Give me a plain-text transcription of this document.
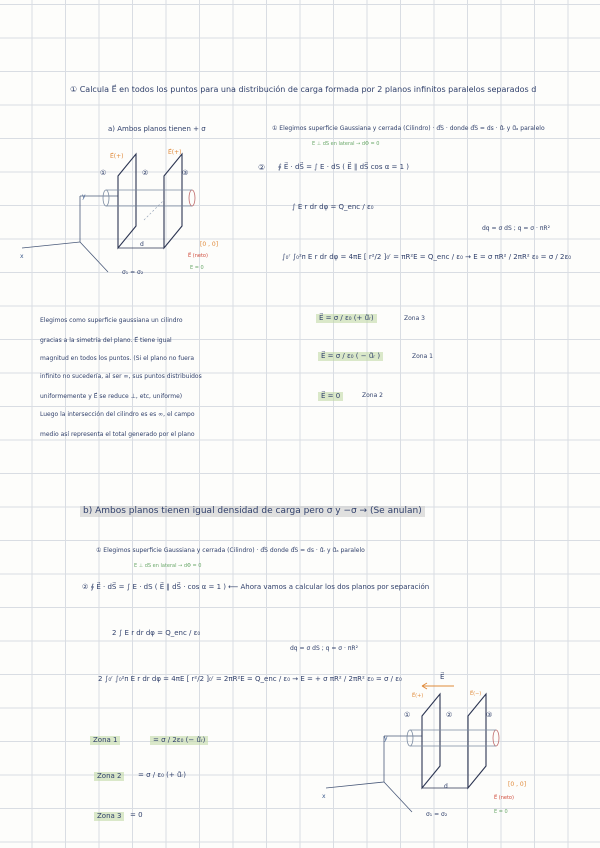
① Calcula E⃗ en todos los puntos para una distribución de carga formada por 2 planos infinitos paralelos separados d
a) Ambos planos tienen + σ	① Elegimos superficie Gaussiana y cerrada (Cilindro) · d⃗S · donde d⃗S = ds · û⃗ᵣ y û⃗ₐ paralelo
E ⊥ dS en lateral → dΦ = 0
② ∮ E⃗ · dS⃗ = ∫ E · dS ( E⃗ ∥ dS⃗ cos α = 1 )
∫ E r dr dφ = Q_enc / ε₀
∫₀ʳ ∫₀²ᴨ E r dr dφ = 4πE [ r²/2 ]₀ʳ = πR²E = Q_enc / ε₀ → E = σ πR² / 2πR² ε₀ = σ / 2ε₀
dq = σ dS ; q = σ · πR²
E⃗(+)
E⃗(+)
①	②	③
d
y
x
σ₁ = σ₂
[0 , 0]
E⃗ (neto)
E = 0
Elegimos como superficie gaussiana un cilindro
gracias a la simetría del plano. E⃗ tiene igual
magnitud en todos los puntos. (Si el plano no fuera
infinito no sucedería, al ser ∞, sus puntos distribuidos
uniformemente y E⃗ se reduce ⊥, etc, uniforme)
Luego la intersección del cilindro es es ∞, el campo
medio así representa el total generado por el plano
E⃗ = σ / ε₀ (+ û⃗ᵣ)	Zona 3
E⃗ = σ / ε₀ ( − û⃗ᵣ )	Zona 1
E⃗ = 0	Zona 2
b) Ambos planos tienen igual densidad de carga pero σ y −σ → (Se anulan)
① Elegimos superficie Gaussiana y cerrada (Cilindro) · d⃗S donde d⃗S = ds · û⃗ᵣ y û⃗ₐ paralelo
E ⊥ dS en lateral → dΦ = 0
② ∮ E⃗ · dS⃗ = ∫ E · dS ( E⃗ ∥ dS⃗ · cos α = 1 ) ⟵ Ahora vamos a calcular los dos planos por separación
2 ∫ E r dr dφ = Q_enc / ε₀
2 ∫₀ʳ ∫₀²ᴨ E r dr dφ = 4πE [ r²/2 ]₀ʳ = 2πR²E = Q_enc / ε₀ → E = + σ πR² / 2πR² ε₀ = σ / ε₀
dq = σ dS ; q = σ · πR²
Zona 1	= σ / 2ε₀ (− û⃗ᵣ)
Zona 2	= σ / ε₀ (+ û⃗ᵣ)
Zona 3	= 0
E⃗
E⃗(+)	E⃗(−)
①	②	③
d
y
x
σ₁ = σ₂
[0 , 0]
E⃗ (neto)
E = 0
